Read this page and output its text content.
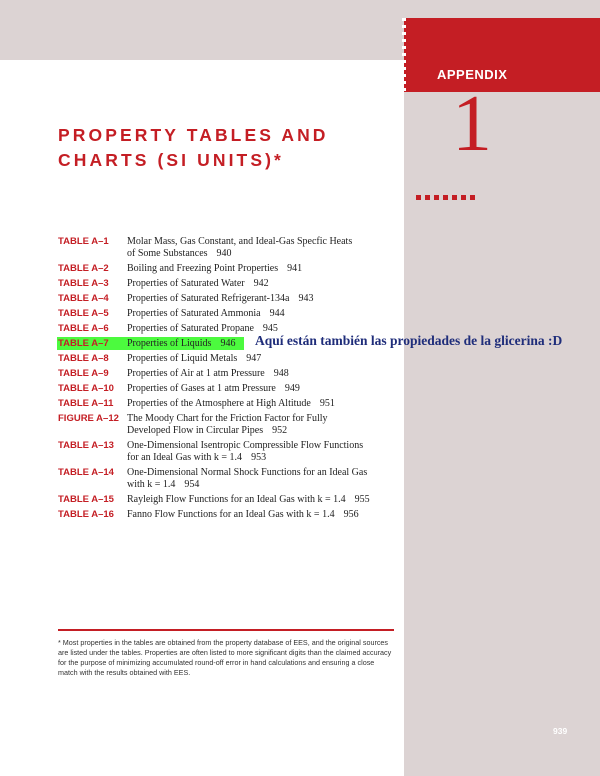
APPENDIX
1
PROPERTY TABLES AND
CHARTS (SI UNITS)*
TABLE A–1	Molar Mass, Gas Constant, and Ideal-Gas Specfic Heats
of Some Substances 940
TABLE A–2	Boiling and Freezing Point Properties 941
TABLE A–3	Properties of Saturated Water 942
TABLE A–4	Properties of Saturated Refrigerant-134a 943
TABLE A–5	Properties of Saturated Ammonia 944
TABLE A–6	Properties of Saturated Propane 945
TABLE A–7	Properties of Liquids 946	Aquí están también las propiedades de la glicerina :D
TABLE A–8	Properties of Liquid Metals 947
TABLE A–9	Properties of Air at 1 atm Pressure 948
TABLE A–10	Properties of Gases at 1 atm Pressure 949
TABLE A–11	Properties of the Atmosphere at High Altitude 951
FIGURE A–12 The Moody Chart for the Friction Factor for Fully
Developed Flow in Circular Pipes 952
TABLE A–13	One-Dimensional Isentropic Compressible Flow Functions
for an Ideal Gas with k = 1.4 953
TABLE A–14	One-Dimensional Normal Shock Functions for an Ideal Gas
with k = 1.4 954
TABLE A–15	Rayleigh Flow Functions for an Ideal Gas with k = 1.4 955
TABLE A–16	Fanno Flow Functions for an Ideal Gas with k = 1.4 956

* Most properties in the tables are obtained from the property database of EES, and the original sources are listed under the tables. Properties are often listed to more significant digits than the claimed accuracy for the purpose of minimizing accumulated round-off error in hand calculations and ensuring a close match with the results obtained with EES.

939
